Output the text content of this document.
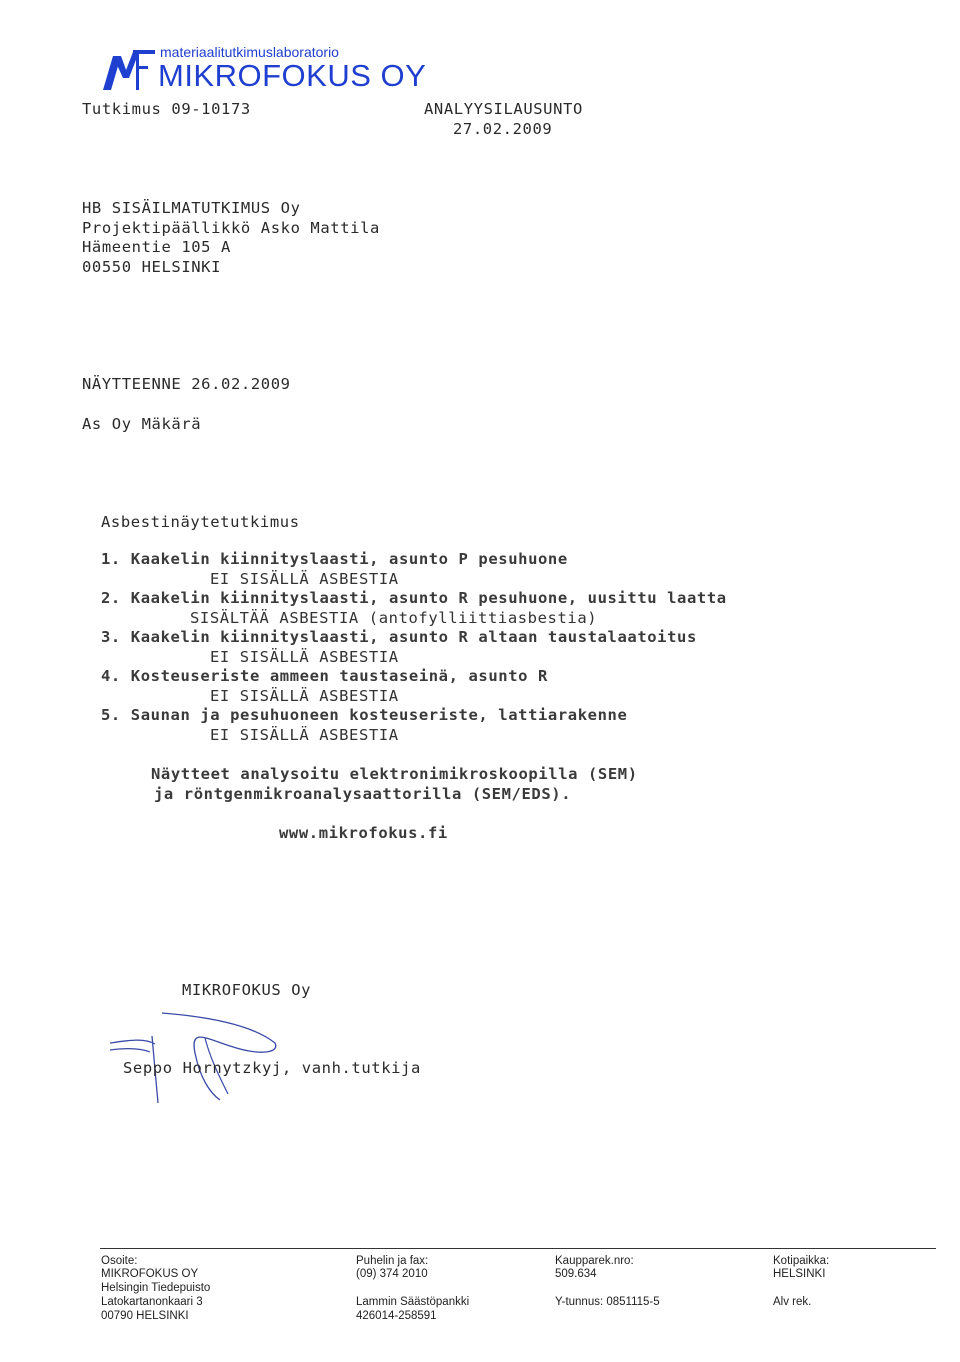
materiaalitutkimuslaboratorio
MIKROFOKUS OY
Tutkimus 09-10173	ANALYYSILAUSUNTO
27.02.2009
HB SISÄILMATUTKIMUS Oy
Projektipäällikkö Asko Mattila
Hämeentie 105 A
00550 HELSINKI
NÄYTTEENNE 26.02.2009
As Oy Mäkärä
Asbestinäytetutkimus
1. Kaakelin kiinnityslaasti, asunto P pesuhuone
EI SISÄLLÄ ASBESTIA
2. Kaakelin kiinnityslaasti, asunto R pesuhuone, uusittu laatta
SISÄLTÄÄ ASBESTIA (antofylliittiasbestia)
3. Kaakelin kiinnityslaasti, asunto R altaan taustalaatoitus
EI SISÄLLÄ ASBESTIA
4. Kosteuseriste ammeen taustaseinä, asunto R
EI SISÄLLÄ ASBESTIA
5. Saunan ja pesuhuoneen kosteuseriste, lattiarakenne
EI SISÄLLÄ ASBESTIA
Näytteet analysoitu elektronimikroskoopilla (SEM)
ja röntgenmikroanalysaattorilla (SEM/EDS).
www.mikrofokus.fi
MIKROFOKUS Oy
Seppo Hornytzkyj, vanh.tutkija
Osoite:
MIKROFOKUS OY
Helsingin Tiedepuisto
Latokartanonkaari 3
00790 HELSINKI
Puhelin ja fax:
(09) 374 2010
Lammin Säästöpankki
426014-258591
Kaupparek.nro:
509.634
Y-tunnus: 0851115-5
Kotipaikka:
HELSINKI
Alv rek.
